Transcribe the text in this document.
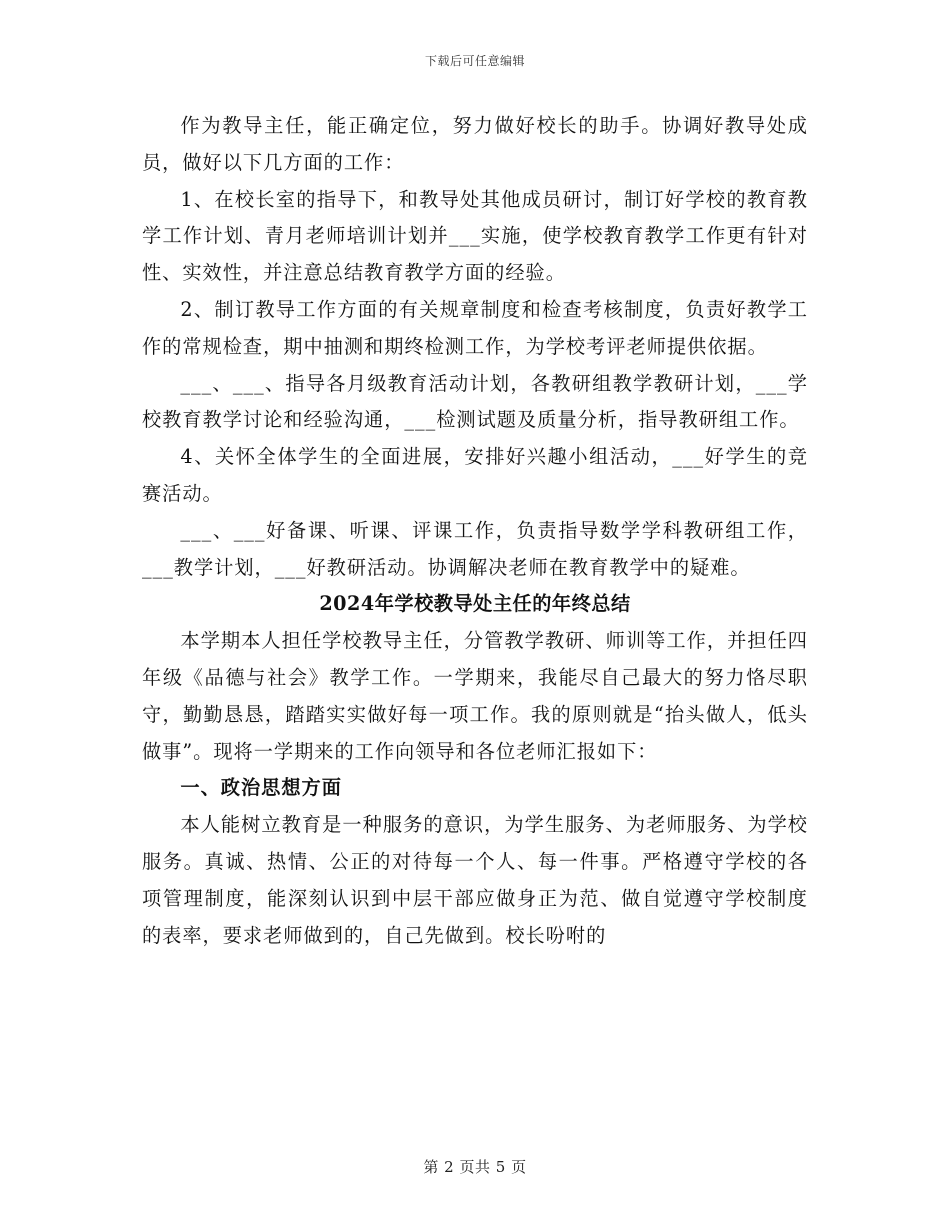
下载后可任意编辑

作为教导主任，能正确定位，努力做好校长的助手。协调好教导处成员，做好以下几方面的工作：

1、在校长室的指导下，和教导处其他成员研讨，制订好学校的教育教学工作计划、青月老师培训计划并___实施，使学校教育教学工作更有针对性、实效性，并注意总结教育教学方面的经验。

2、制订教导工作方面的有关规章制度和检查考核制度，负责好教学工作的常规检查，期中抽测和期终检测工作，为学校考评老师提供依据。

___、___、指导各月级教育活动计划，各教研组教学教研计划，___学校教育教学讨论和经验沟通，___检测试题及质量分析，指导教研组工作。

4、关怀全体学生的全面进展，安排好兴趣小组活动，___好学生的竞赛活动。

___、___好备课、听课、评课工作，负责指导数学学科教研组工作，___教学计划，___好教研活动。协调解决老师在教育教学中的疑难。

2024年学校教导处主任的年终总结

本学期本人担任学校教导主任，分管教学教研、师训等工作，并担任四年级《品德与社会》教学工作。一学期来，我能尽自己最大的努力恪尽职守，勤勤恳恳，踏踏实实做好每一项工作。我的原则就是“抬头做人，低头做事”。现将一学期来的工作向领导和各位老师汇报如下：

一、政治思想方面

本人能树立教育是一种服务的意识，为学生服务、为老师服务、为学校服务。真诚、热情、公正的对待每一个人、每一件事。严格遵守学校的各项管理制度，能深刻认识到中层干部应做身正为范、做自觉遵守学校制度的表率，要求老师做到的，自己先做到。校长吩咐的

第 2 页共 5 页
